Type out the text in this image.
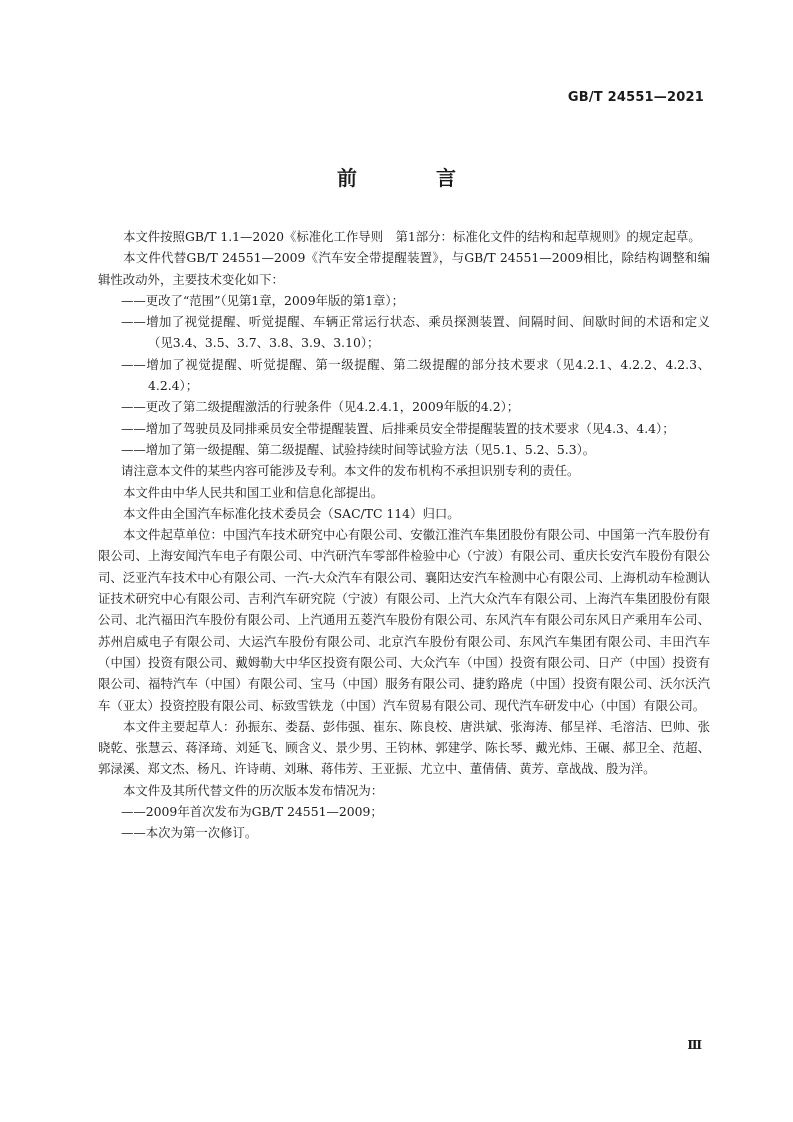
GB/T 24551—2021
前 言

本文件按照GB/T 1.1—2020《标准化工作导则　第1部分：标准化文件的结构和起草规则》的规定起草。

本文件代替GB/T 24551—2009《汽车安全带提醒装置》，与GB/T 24551—2009相比，除结构调整和编辑性改动外，主要技术变化如下：

——更改了“范围”（见第1章，2009年版的第1章）；

——增加了视觉提醒、听觉提醒、车辆正常运行状态、乘员探测装置、间隔时间、间歇时间的术语和定义（见3.4、3.5、3.7、3.8、3.9、3.10）；

——增加了视觉提醒、听觉提醒、第一级提醒、第二级提醒的部分技术要求（见4.2.1、4.2.2、4.2.3、4.2.4）；

——更改了第二级提醒激活的行驶条件（见4.2.4.1，2009年版的4.2）；

——增加了驾驶员及同排乘员安全带提醒装置、后排乘员安全带提醒装置的技术要求（见4.3、4.4）；

——增加了第一级提醒、第二级提醒、试验持续时间等试验方法（见5.1、5.2、5.3）。

请注意本文件的某些内容可能涉及专利。本文件的发布机构不承担识别专利的责任。

本文件由中华人民共和国工业和信息化部提出。

本文件由全国汽车标准化技术委员会（SAC/TC 114）归口。

本文件起草单位：中国汽车技术研究中心有限公司、安徽江淮汽车集团股份有限公司、中国第一汽车股份有限公司、上海安闻汽车电子有限公司、中汽研汽车零部件检验中心（宁波）有限公司、重庆长安汽车股份有限公司、泛亚汽车技术中心有限公司、一汽-大众汽车有限公司、襄阳达安汽车检测中心有限公司、上海机动车检测认证技术研究中心有限公司、吉利汽车研究院（宁波）有限公司、上汽大众汽车有限公司、上海汽车集团股份有限公司、北汽福田汽车股份有限公司、上汽通用五菱汽车股份有限公司、东风汽车有限公司东风日产乘用车公司、苏州启威电子有限公司、大运汽车股份有限公司、北京汽车股份有限公司、东风汽车集团有限公司、丰田汽车（中国）投资有限公司、戴姆勒大中华区投资有限公司、大众汽车（中国）投资有限公司、日产（中国）投资有限公司、福特汽车（中国）有限公司、宝马（中国）服务有限公司、捷豹路虎（中国）投资有限公司、沃尔沃汽车（亚太）投资控股有限公司、标致雪铁龙（中国）汽车贸易有限公司、现代汽车研发中心（中国）有限公司。

本文件主要起草人：孙振东、娄磊、彭伟强、崔东、陈良校、唐洪斌、张海涛、郁呈祥、毛溶洁、巴帅、张晓乾、张慧云、蒋泽琦、刘延飞、顾含义、景少男、王钧林、郭建学、陈长琴、戴光炜、王碾、郝卫全、范超、郭渌溪、郑文杰、杨凡、许诗萌、刘琳、蒋伟芳、王亚振、尤立中、董倩倩、黄芳、章战战、殷为洋。

本文件及其所代替文件的历次版本发布情况为：

——2009年首次发布为GB/T 24551—2009；

——本次为第一次修订。

Ⅲ
